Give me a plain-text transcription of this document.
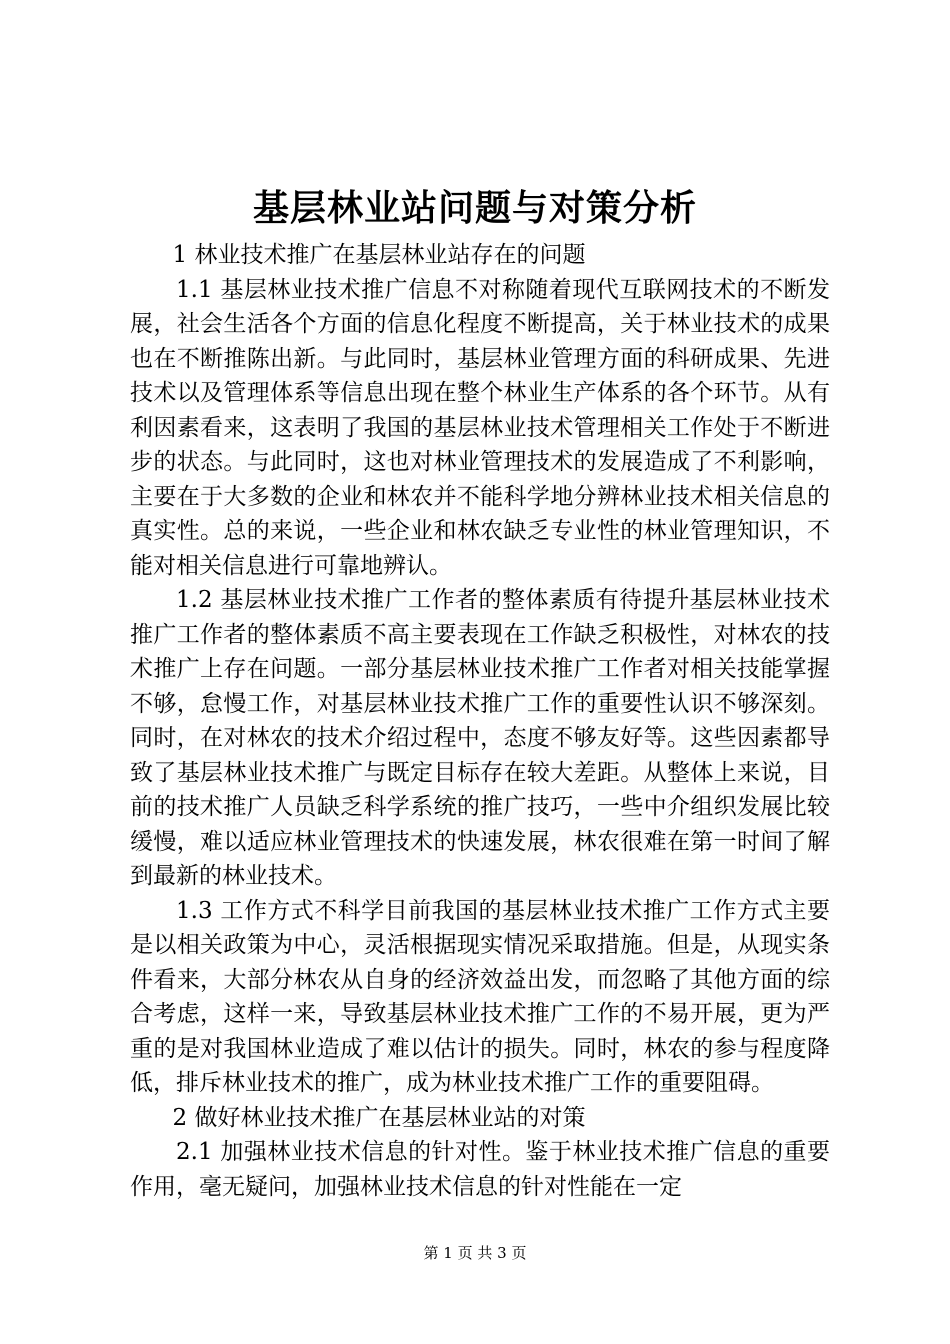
基层林业站问题与对策分析

1 林业技术推广在基层林业站存在的问题

1.1 基层林业技术推广信息不对称随着现代互联网技术的不断发展，社会生活各个方面的信息化程度不断提高，关于林业技术的成果也在不断推陈出新。与此同时，基层林业管理方面的科研成果、先进技术以及管理体系等信息出现在整个林业生产体系的各个环节。从有利因素看来，这表明了我国的基层林业技术管理相关工作处于不断进步的状态。与此同时，这也对林业管理技术的发展造成了不利影响，主要在于大多数的企业和林农并不能科学地分辨林业技术相关信息的真实性。总的来说，一些企业和林农缺乏专业性的林业管理知识，不能对相关信息进行可靠地辨认。

1.2 基层林业技术推广工作者的整体素质有待提升基层林业技术推广工作者的整体素质不高主要表现在工作缺乏积极性，对林农的技术推广上存在问题。一部分基层林业技术推广工作者对相关技能掌握不够，怠慢工作，对基层林业技术推广工作的重要性认识不够深刻。同时，在对林农的技术介绍过程中，态度不够友好等。这些因素都导致了基层林业技术推广与既定目标存在较大差距。从整体上来说，目前的技术推广人员缺乏科学系统的推广技巧，一些中介组织发展比较缓慢，难以适应林业管理技术的快速发展，林农很难在第一时间了解到最新的林业技术。

1.3 工作方式不科学目前我国的基层林业技术推广工作方式主要是以相关政策为中心，灵活根据现实情况采取措施。但是，从现实条件看来，大部分林农从自身的经济效益出发，而忽略了其他方面的综合考虑，这样一来，导致基层林业技术推广工作的不易开展，更为严重的是对我国林业造成了难以估计的损失。同时，林农的参与程度降低，排斥林业技术的推广，成为林业技术推广工作的重要阻碍。

2 做好林业技术推广在基层林业站的对策

2.1 加强林业技术信息的针对性。鉴于林业技术推广信息的重要作用，毫无疑问，加强林业技术信息的针对性能在一定

第 1 页 共 3 页
